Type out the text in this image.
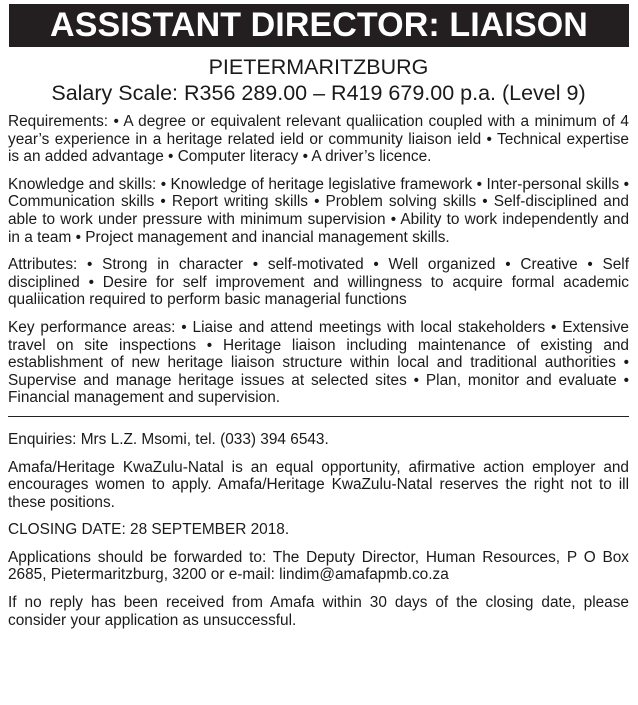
ASSISTANT DIRECTOR: LIAISON
PIETERMARITZBURG
Salary Scale: R356 289.00 – R419 679.00 p.a. (Level 9)

Requirements: • A degree or equivalent relevant qualiication coupled with a minimum of 4 year’s experience in a heritage related ield or community liaison ield • Technical expertise is an added advantage • Computer literacy • A driver’s licence.

Knowledge and skills: • Knowledge of heritage legislative framework • Inter-personal skills • Communication skills • Report writing skills • Problem solving skills • Self-disciplined and able to work under pressure with minimum supervision • Ability to work independently and in a team • Project management and inancial management skills.

Attributes: • Strong in character • self-motivated • Well organized • Creative • Self disciplined • Desire for self improvement and willingness to acquire formal academic qualiication required to perform basic managerial functions

Key performance areas: • Liaise and attend meetings with local stakeholders • Extensive travel on site inspections • Heritage liaison including maintenance of existing and establishment of new heritage liaison structure within local and traditional authorities • Supervise and manage heritage issues at selected sites • Plan, monitor and evaluate • Financial management and supervision.

Enquiries: Mrs L.Z. Msomi, tel. (033) 394 6543.

Amafa/Heritage KwaZulu-Natal is an equal opportunity, afirmative action employer and encourages women to apply. Amafa/Heritage KwaZulu-Natal reserves the right not to ill these positions.

CLOSING DATE: 28 SEPTEMBER 2018.

Applications should be forwarded to: The Deputy Director, Human Resources, P O Box 2685, Pietermaritzburg, 3200 or e-mail: lindim@amafapmb.co.za

If no reply has been received from Amafa within 30 days of the closing date, please consider your application as unsuccessful.
